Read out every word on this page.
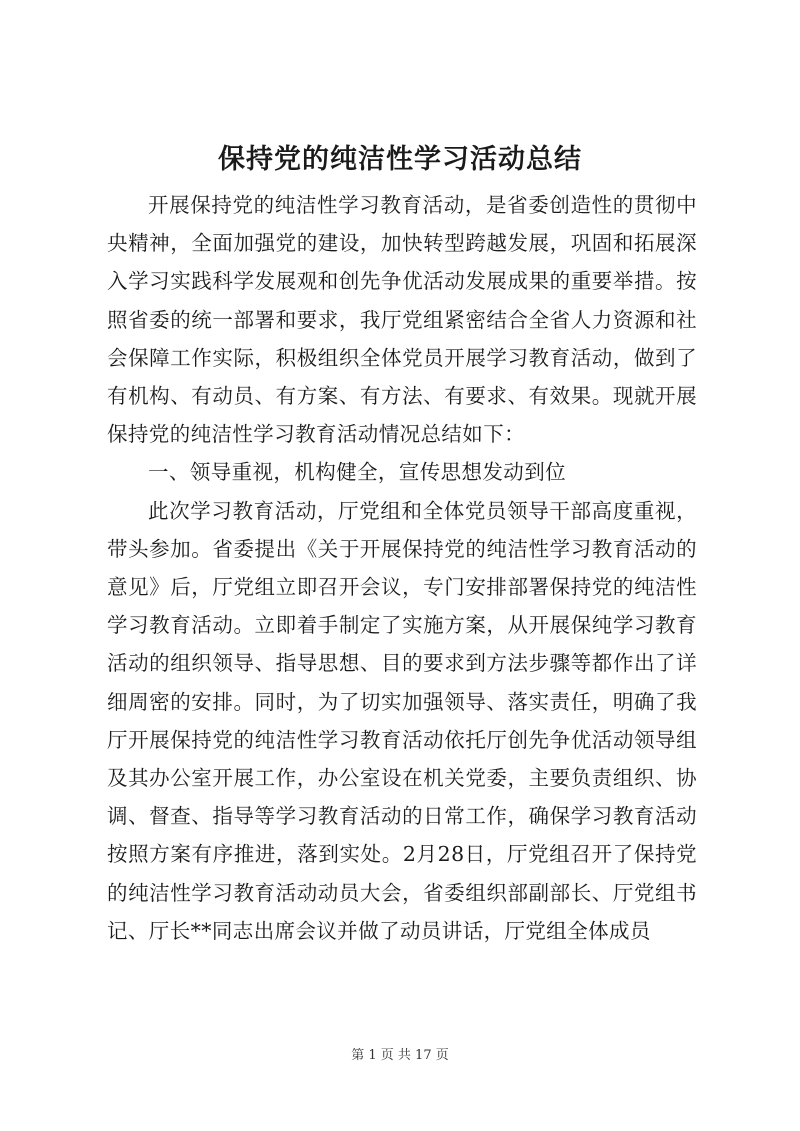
保持党的纯洁性学习活动总结

开展保持党的纯洁性学习教育活动，是省委创造性的贯彻中央精神，全面加强党的建设，加快转型跨越发展，巩固和拓展深入学习实践科学发展观和创先争优活动发展成果的重要举措。按照省委的统一部署和要求，我厅党组紧密结合全省人力资源和社会保障工作实际，积极组织全体党员开展学习教育活动，做到了有机构、有动员、有方案、有方法、有要求、有效果。现就开展保持党的纯洁性学习教育活动情况总结如下：

一、领导重视，机构健全，宣传思想发动到位

此次学习教育活动，厅党组和全体党员领导干部高度重视，带头参加。省委提出《关于开展保持党的纯洁性学习教育活动的意见》后，厅党组立即召开会议，专门安排部署保持党的纯洁性学习教育活动。立即着手制定了实施方案，从开展保纯学习教育活动的组织领导、指导思想、目的要求到方法步骤等都作出了详细周密的安排。同时，为了切实加强领导、落实责任，明确了我厅开展保持党的纯洁性学习教育活动依托厅创先争优活动领导组及其办公室开展工作，办公室设在机关党委，主要负责组织、协调、督查、指导等学习教育活动的日常工作，确保学习教育活动按照方案有序推进，落到实处。2月28日，厅党组召开了保持党的纯洁性学习教育活动动员大会，省委组织部副部长、厅党组书记、厅长**同志出席会议并做了动员讲话，厅党组全体成员

第 1 页 共 17 页
